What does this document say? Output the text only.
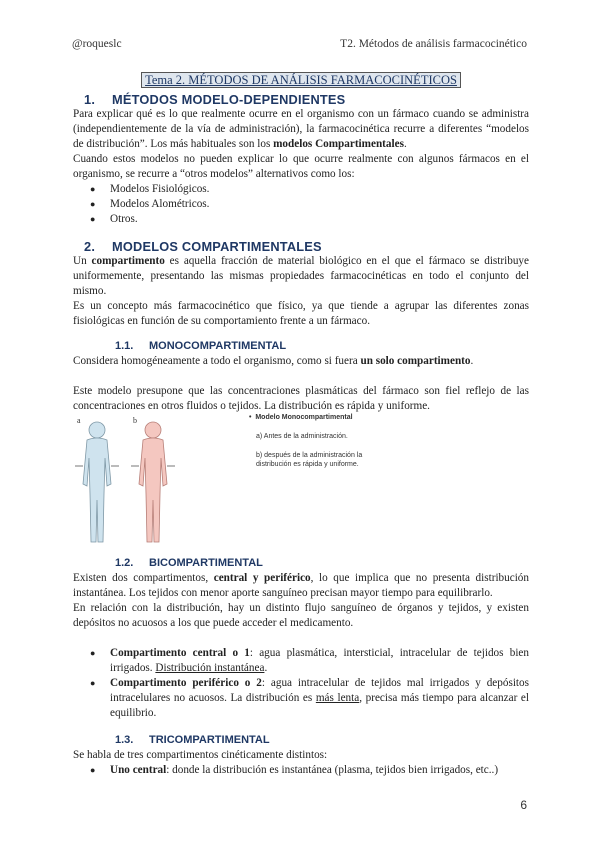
@roqueslc	T2. Métodos de análisis farmacocinético
Tema 2. MÉTODOS DE ANÁLISIS FARMACOCINÉTICOS
1. MÉTODOS MODELO-DEPENDIENTES

Para explicar qué es lo que realmente ocurre en el organismo con un fármaco cuando se administra (independientemente de la vía de administración), la farmacocinética recurre a diferentes “modelos de distribución”. Los más habituales son los modelos Compartimentales.

Cuando estos modelos no pueden explicar lo que ocurre realmente con algunos fármacos en el organismo, se recurre a “otros modelos” alternativos como los:

● Modelos Fisiológicos.
● Modelos Alométricos.
● Otros.
2. MODELOS COMPARTIMENTALES

Un compartimento es aquella fracción de material biológico en el que el fármaco se distribuye uniformemente, presentando las mismas propiedades farmacocinéticas en todo el conjunto del mismo.

Es un concepto más farmacocinético que físico, ya que tiende a agrupar las diferentes zonas fisiológicas en función de su comportamiento frente a un fármaco.

1.1. MONOCOMPARTIMENTAL

Considera homogéneamente a todo el organismo, como si fuera un solo compartimento.

Este modelo presupone que las concentraciones plasmáticas del fármaco son fiel reflejo de las concentraciones en otros fluidos o tejidos. La distribución es rápida y uniforme.

a	b	•  Modelo Monocompartimental
a) Antes de la administración.
b) después de la administración la
distribución es rápida y uniforme.
1.2. BICOMPARTIMENTAL

Existen dos compartimentos, central y periférico, lo que implica que no presenta distribución instantánea. Los tejidos con menor aporte sanguíneo precisan mayor tiempo para equilibrarlo.

En relación con la distribución, hay un distinto flujo sanguíneo de órganos y tejidos, y existen depósitos no acuosos a los que puede acceder el medicamento.

● Compartimento central o 1: agua plasmática, intersticial, intracelular de tejidos bien irrigados. Distribución instantánea.
● Compartimento periférico o 2: agua intracelular de tejidos mal irrigados y depósitos intracelulares no acuosos. La distribución es más lenta, precisa más tiempo para alcanzar el equilibrio.
1.3. TRICOMPARTIMENTAL

Se habla de tres compartimentos cinéticamente distintos:

● Uno central: donde la distribución es instantánea (plasma, tejidos bien irrigados, etc..)
6
